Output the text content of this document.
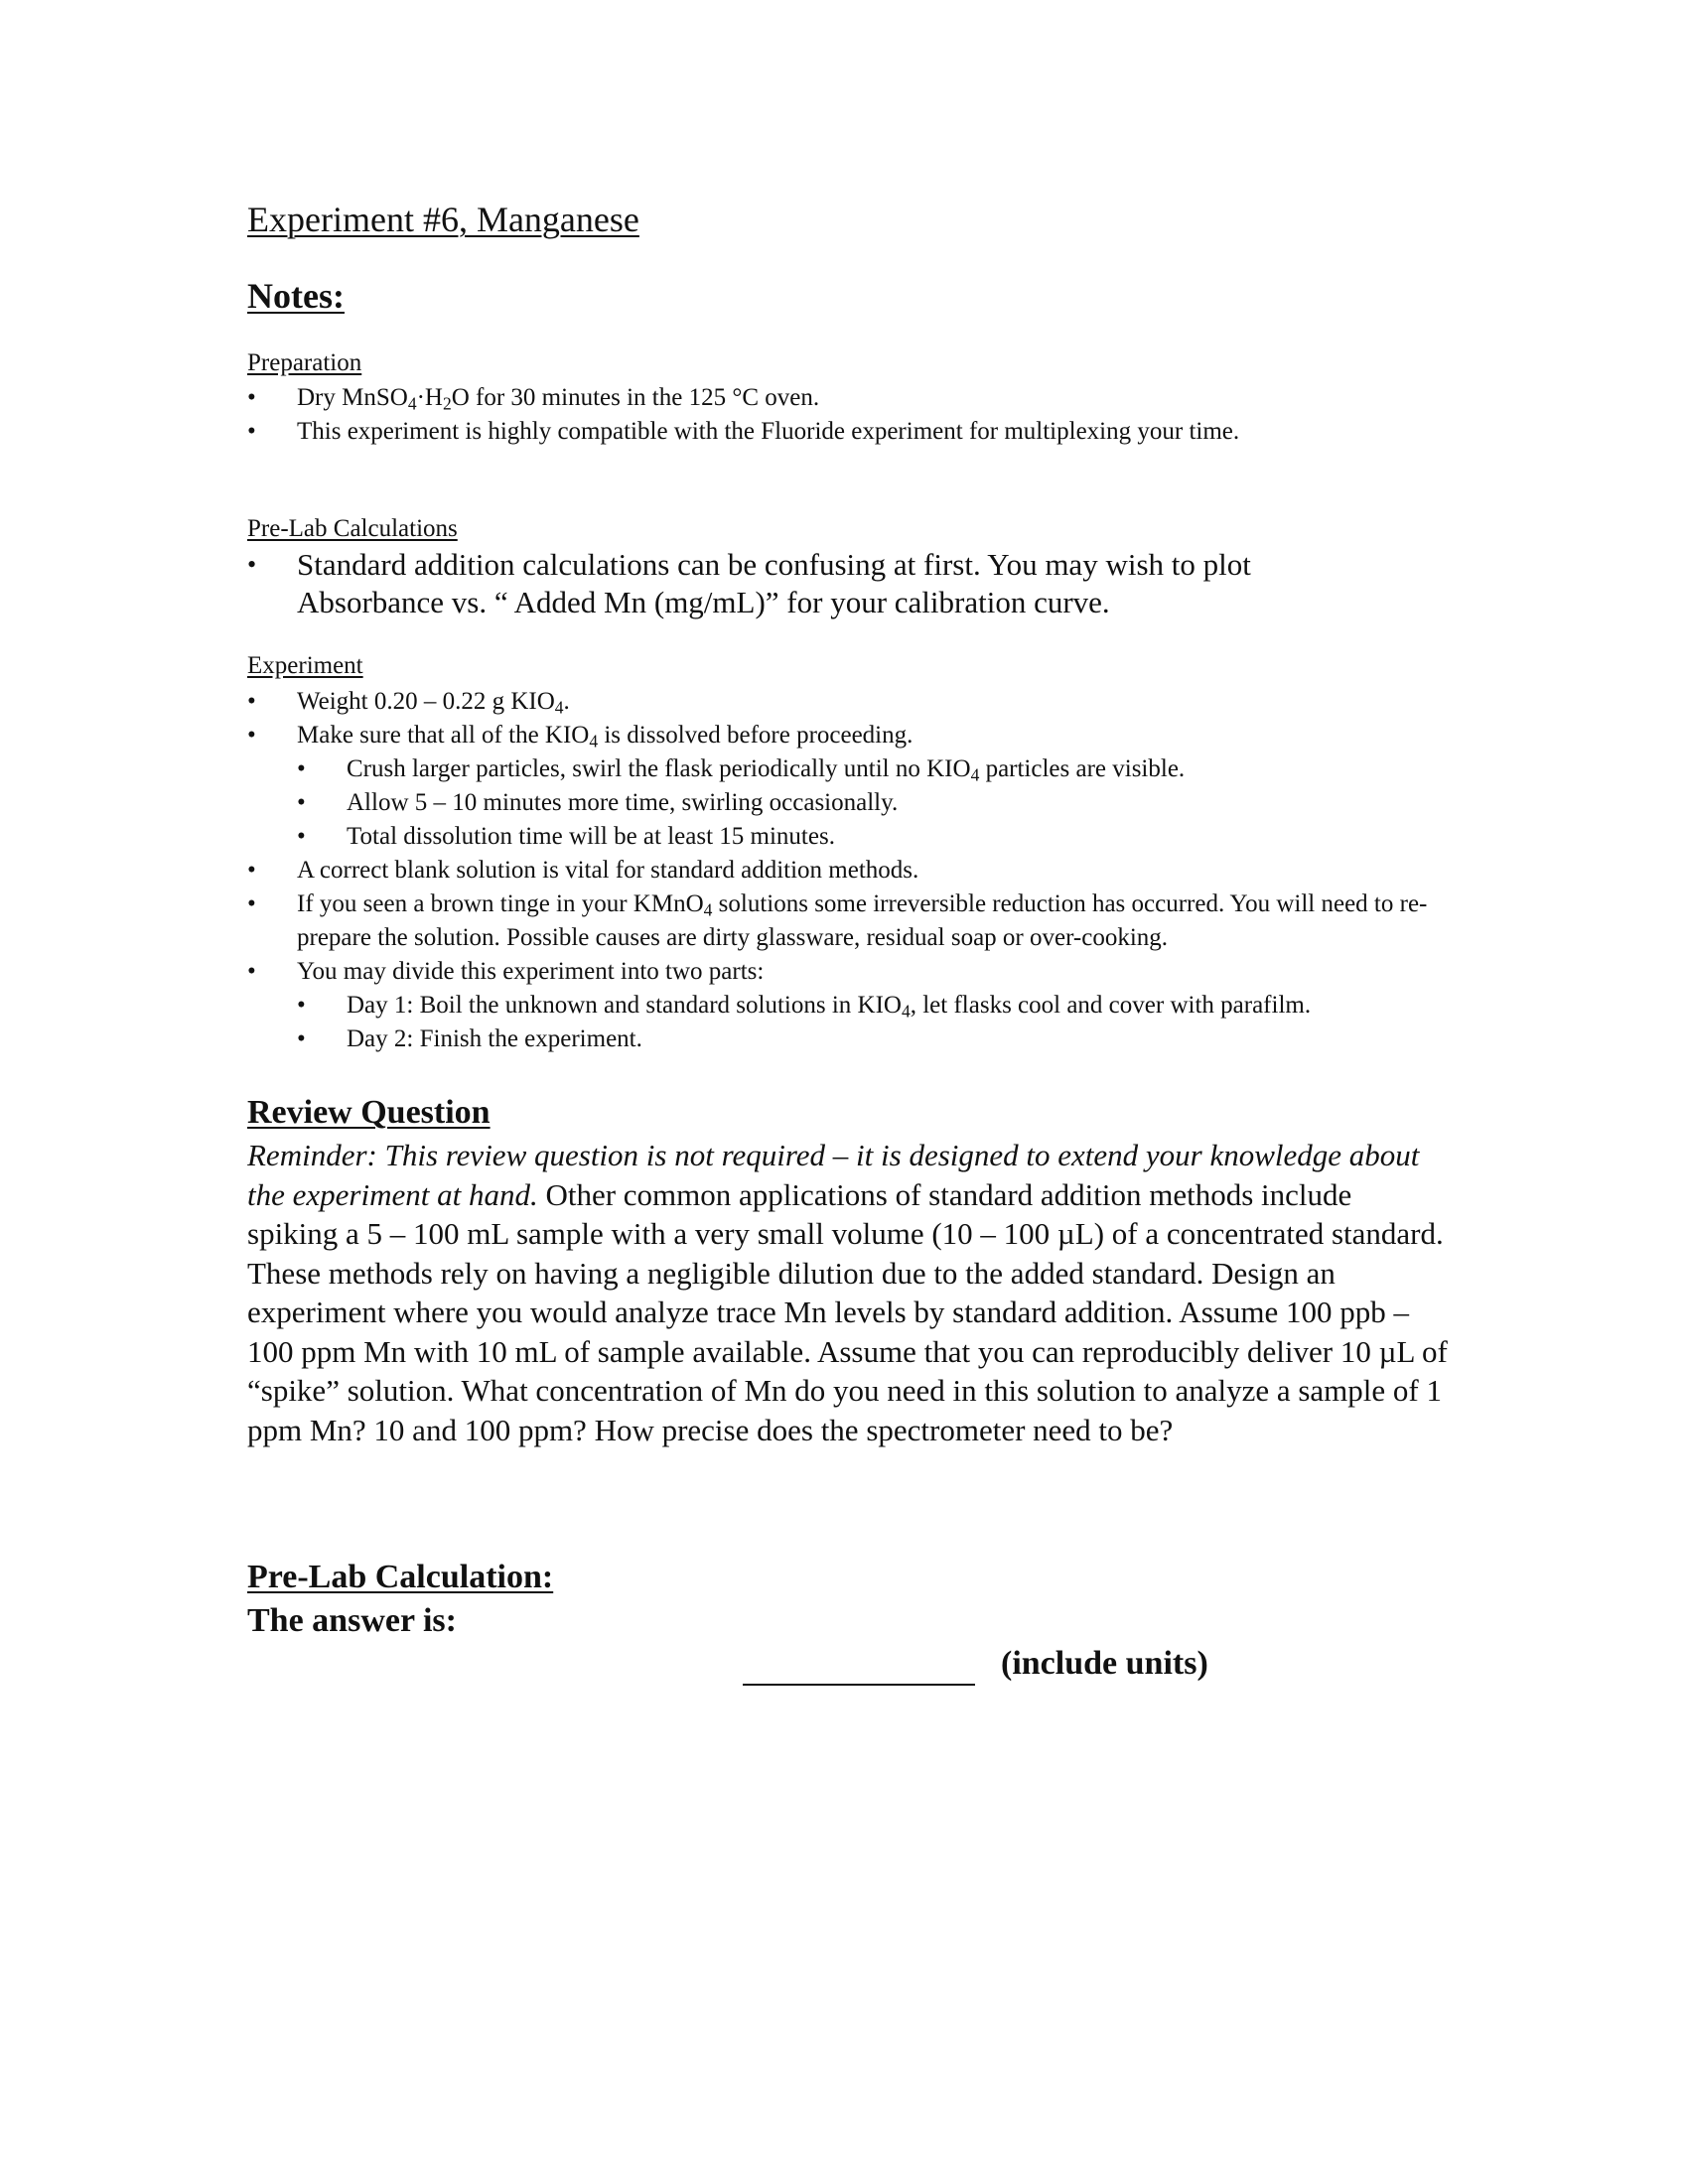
Experiment #6, Manganese
Notes:
Preparation
• Dry $MnSO_4\cdot H_2O$ for 30 minutes in the 125 °C oven.
• This experiment is highly compatible with the Fluoride experiment for multiplexing your time.
Pre-Lab Calculations
• Standard addition calculations can be confusing at first. You may wish to plot Absorbance vs. “ Added Mn (mg/mL)” for your calibration curve.
Experiment
• Weight 0.20 – 0.22 g $KIO_4$.
• Make sure that all of the $KIO_4$ is dissolved before proceeding.
• Crush larger particles, swirl the flask periodically until no $KIO_4$ particles are visible.
• Allow 5 – 10 minutes more time, swirling occasionally.
• Total dissolution time will be at least 15 minutes.
• A correct blank solution is vital for standard addition methods.
• If you seen a brown tinge in your KMnO$_4$ solutions some irreversible reduction has occurred. You will need to re-prepare the solution. Possible causes are dirty glassware, residual soap or over-cooking.
• You may divide this experiment into two parts:
• Day 1: Boil the unknown and standard solutions in $KIO_4$, let flasks cool and cover with parafilm.
• Day 2: Finish the experiment.
Review Question
Reminder: This review question is not required – it is designed to extend your knowledge about the experiment at hand. Other common applications of standard addition methods include spiking a 5 – 100 mL sample with a very small volume (10 – 100 µL) of a concentrated standard. These methods rely on having a negligible dilution due to the added standard. Design an experiment where you would analyze trace Mn levels by standard addition. Assume 100 ppb – 100 ppm Mn with 10 mL of sample available. Assume that you can reproducibly deliver 10 µL of “spike” solution. What concentration of Mn do you need in this solution to analyze a sample of 1 ppm Mn? 10 and 100 ppm? How precise does the spectrometer need to be?
Pre-Lab Calculation:
The answer is:
(include units)
